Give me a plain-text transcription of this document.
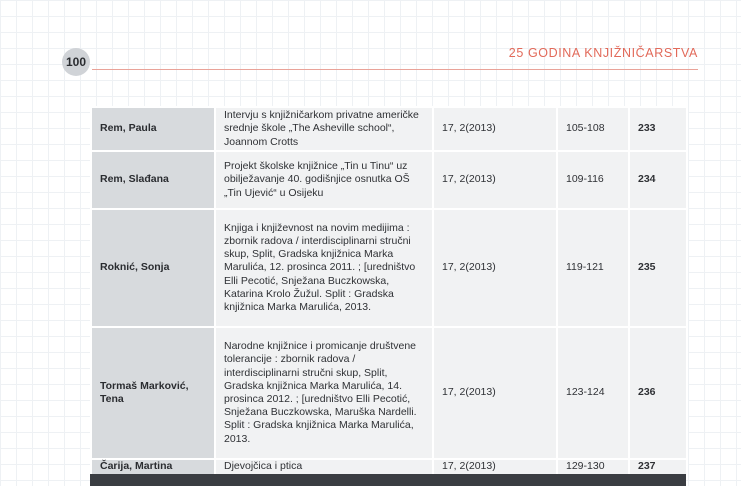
100
25 GODINA KNJIŽNIČARSTVA
Rem, Paula	Intervju s knjižničarkom privatne američke srednje škole „The Asheville school“, Joannom Crotts	17, 2(2013)	105-108	233
Rem, Slađana	Projekt školske knjižnice „Tin u Tinu“ uz obilježavanje 40. godišnjice osnutka OŠ „Tin Ujević“ u Osijeku	17, 2(2013)	109-116	234
Roknić, Sonja	Knjiga i književnost na novim medijima : zbornik radova / interdisciplinarni stručni skup, Split, Gradska knjižnica Marka Marulića, 12. prosinca 2011. ; [uredništvo Elli Pecotić, Snježana Buczkowska, Katarina Krolo Žužul. Split : Gradska knjižnica Marka Marulića, 2013.	17, 2(2013)	119-121	235
Tormaš Marković, Tena	Narodne knjižnice i promicanje društvene tolerancije : zbornik radova / interdisciplinarni stručni skup, Split, Gradska knjižnica Marka Marulića, 14. prosinca 2012. ; [uredništvo Elli Pecotić, Snježana Buczkowska, Maruška Nardelli. Split : Gradska knjižnica Marka Marulića, 2013.	17, 2(2013)	123-124	236
Čarija, Martina	Djevojčica i ptica	17, 2(2013)	129-130	237
